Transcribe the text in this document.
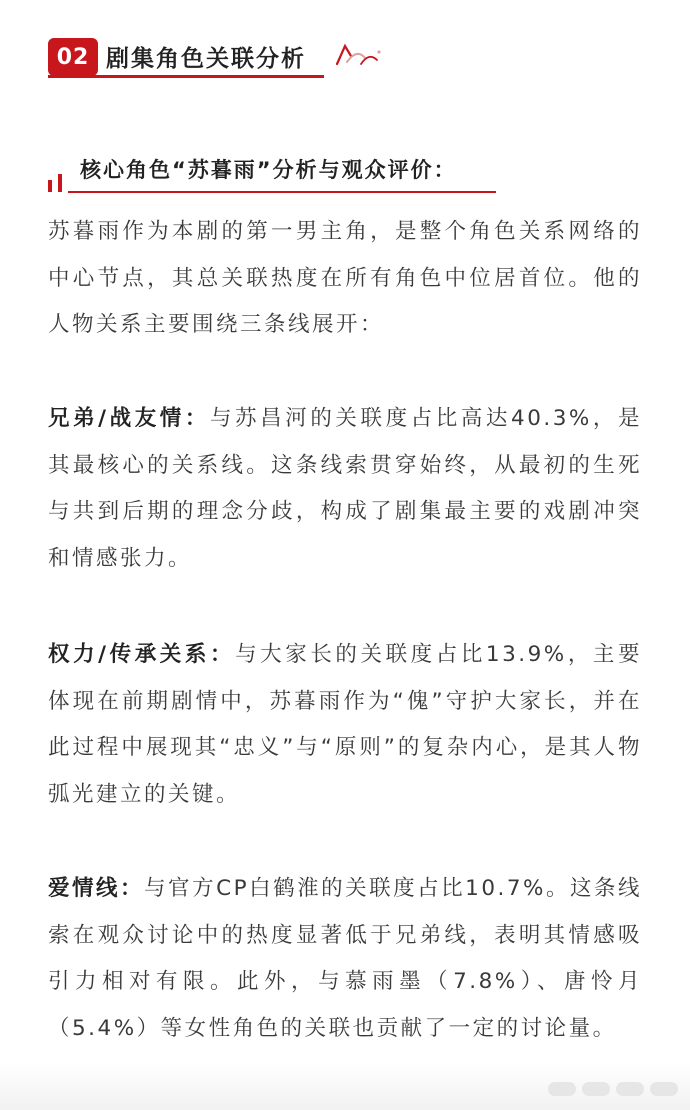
02 剧集角色关联分析
核心角色“苏暮雨”分析与观众评价：

苏暮雨作为本剧的第一男主角，是整个角色关系网络的中心节点，其总关联热度在所有角色中位居首位。他的人物关系主要围绕三条线展开：

兄弟/战友情：与苏昌河的关联度占比高达40.3%，是其最核心的关系线。这条线索贯穿始终，从最初的生死与共到后期的理念分歧，构成了剧集最主要的戏剧冲突和情感张力。

权力/传承关系：与大家长的关联度占比13.9%，主要体现在前期剧情中，苏暮雨作为“傀”守护大家长，并在此过程中展现其“忠义”与“原则”的复杂内心，是其人物弧光建立的关键。

爱情线：与官方CP白鹤淮的关联度占比10.7%。这条线索在观众讨论中的热度显著低于兄弟线，表明其情感吸引力相对有限。此外，与慕雨墨（7.8%）、唐怜月（5.4%）等女性角色的关联也贡献了一定的讨论量。
